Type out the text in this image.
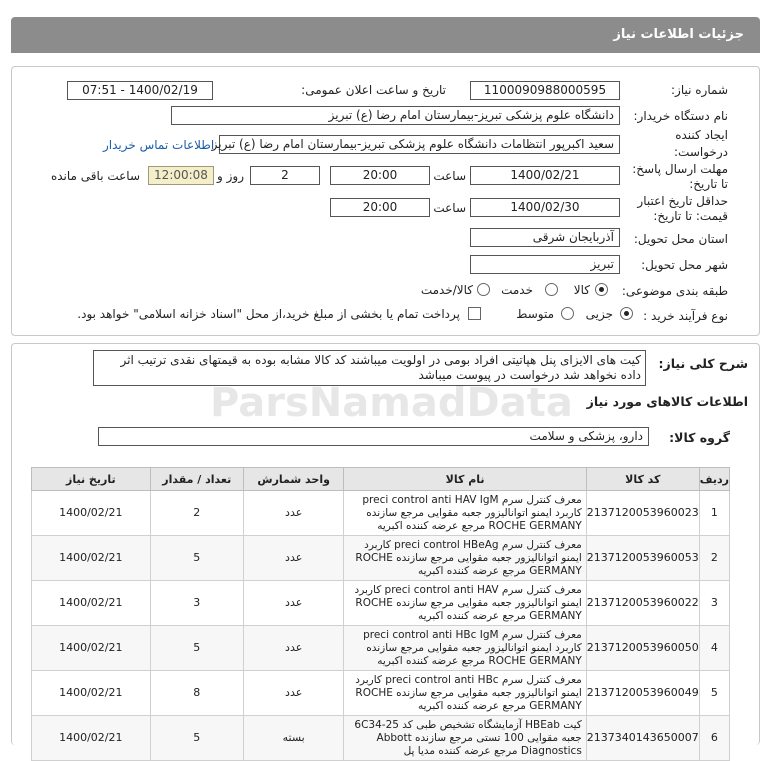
جزئیات اطلاعات نیاز
شماره نیاز:
1100090988000595
تاریخ و ساعت اعلان عمومی:
1400/02/19 - 07:51
نام دستگاه خریدار:
دانشگاه علوم پزشکی تبریز-بیمارستان امام رضا (ع) تبریز
ایجاد کننده
درخواست:
سعید اکبرپور انتظامات دانشگاه علوم پزشکی تبریز-بیمارستان امام رضا (ع) تبریز
اطلاعات تماس خریدار
مهلت ارسال پاسخ:
تا تاریخ:
1400/02/21
ساعت
20:00
2
روز و
12:00:08
ساعت باقی مانده
حداقل تاریخ اعتبار
قیمت: تا تاریخ:
1400/02/30
ساعت
20:00
استان محل تحویل:
آذربایجان شرقی
شهر محل تحویل:
تبریز
طبقه بندی موضوعی:
کالا
خدمت
کالا/خدمت
نوع فرآیند خرید :
جزیی
متوسط
پرداخت تمام یا بخشی از مبلغ خرید،از محل "اسناد خزانه اسلامی" خواهد بود.
شرح کلی نیاز:
کیت های الایزای پنل هپاتیتی افراد بومی در اولویت میباشند کد کالا مشابه بوده به قیمتهای نقدی ترتیب اثر داده نخواهد شد درخواست در پیوست میباشد
اطلاعات کالاهای مورد نیاز
گروه کالا:
دارو، پزشکی و سلامت
ردیف	کد کالا	نام کالا	واحد شمارش	تعداد / مقدار	تاریخ نیاز
1	2137120053960023	معرف کنترل سرم preci control anti HAV IgM کاربرد ایمنو اتوانالیزور جعبه مقوایی مرجع سازنده ROCHE GERMANY مرجع عرضه کننده اکبریه	عدد	2	1400/02/21
2	2137120053960053	معرف کنترل سرم preci control HBeAg کاربرد ایمنو اتوانالیزور جعبه مقوایی مرجع سازنده ROCHE GERMANY مرجع عرضه کننده اکبریه	عدد	5	1400/02/21
3	2137120053960022	معرف کنترل سرم preci control anti HAV کاربرد ایمنو اتوانالیزور جعبه مقوایی مرجع سازنده ROCHE GERMANY مرجع عرضه کننده اکبریه	عدد	3	1400/02/21
4	2137120053960050	معرف کنترل سرم preci control anti HBc IgM کاربرد ایمنو اتوانالیزور جعبه مقوایی مرجع سازنده ROCHE GERMANY مرجع عرضه کننده اکبریه	عدد	5	1400/02/21
5	2137120053960049	معرف کنترل سرم preci control anti HBc کاربرد ایمنو اتوانالیزور جعبه مقوایی مرجع سازنده ROCHE GERMANY مرجع عرضه کننده اکبریه	عدد	8	1400/02/21
6	2137340143650007	کیت HBEab آزمایشگاه تشخیص طبی کد 6C34-25 جعبه مقوایی 100 تستی مرجع سازنده Abbott Diagnostics مرجع عرضه کننده مدیا پل	بسته	5	1400/02/21
